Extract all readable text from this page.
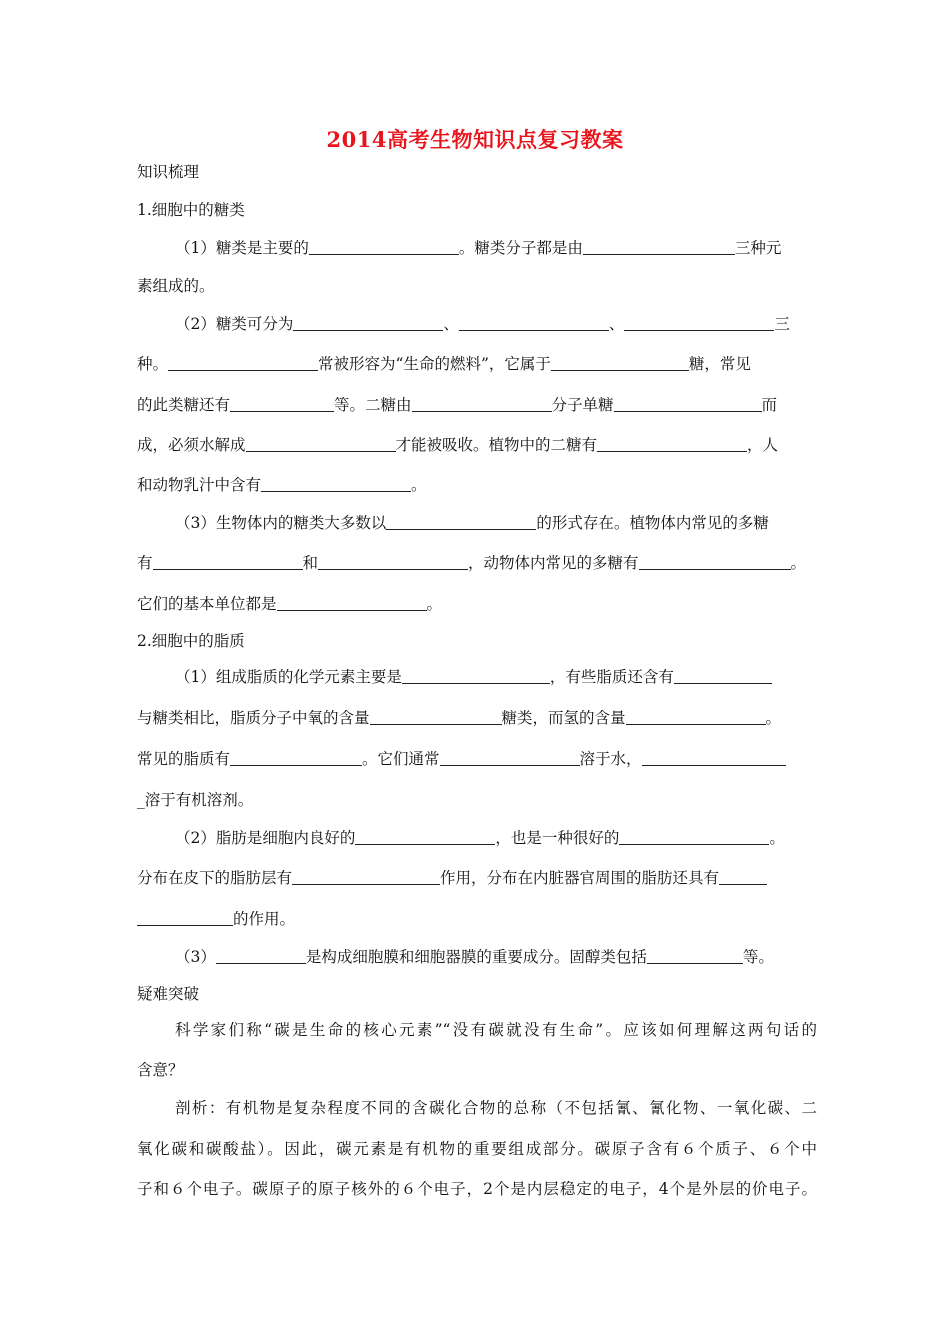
2014高考生物知识点复习教案
知识梳理
1.细胞中的糖类
（1）糖类是主要的	。糖类分子都是由	三种元
素组成的。
（2）糖类可分为	、	、	三
种。	常被形容为“生命的燃料”，它属于	糖，常见
的此类糖还有	等。二糖由	分子单糖	而
成，必须水解成	才能被吸收。植物中的二糖有	，人
和动物乳汁中含有	。
（3）生物体内的糖类大多数以	的形式存在。植物体内常见的多糖
有	和	，动物体内常见的多糖有	。
它们的基本单位都是	。
2.细胞中的脂质
（1）组成脂质的化学元素主要是	，有些脂质还含有
与糖类相比，脂质分子中氧的含量	糖类，而氢的含量	。
常见的脂质有	。它们通常	溶于水，
_溶于有机溶剂。
（2）脂肪是细胞内良好的	，也是一种很好的	。
分布在皮下的脂肪层有	作用，分布在内脏器官周围的脂肪还具有
的作用。
（3）	是构成细胞膜和细胞器膜的重要成分。固醇类包括	等。
疑难突破
科学家们称“碳是生命的核心元素”“没有碳就没有生命”。应该如何理解这两句话的
含意？
剖析：有机物是复杂程度不同的含碳化合物的总称（不包括氰、氰化物、一氧化碳、二
氧化碳和碳酸盐）。因此，碳元素是有机物的重要组成部分。碳原子含有６个质子、６个中
子和６个电子。碳原子的原子核外的６个电子，2个是内层稳定的电子，4个是外层的价电子。
